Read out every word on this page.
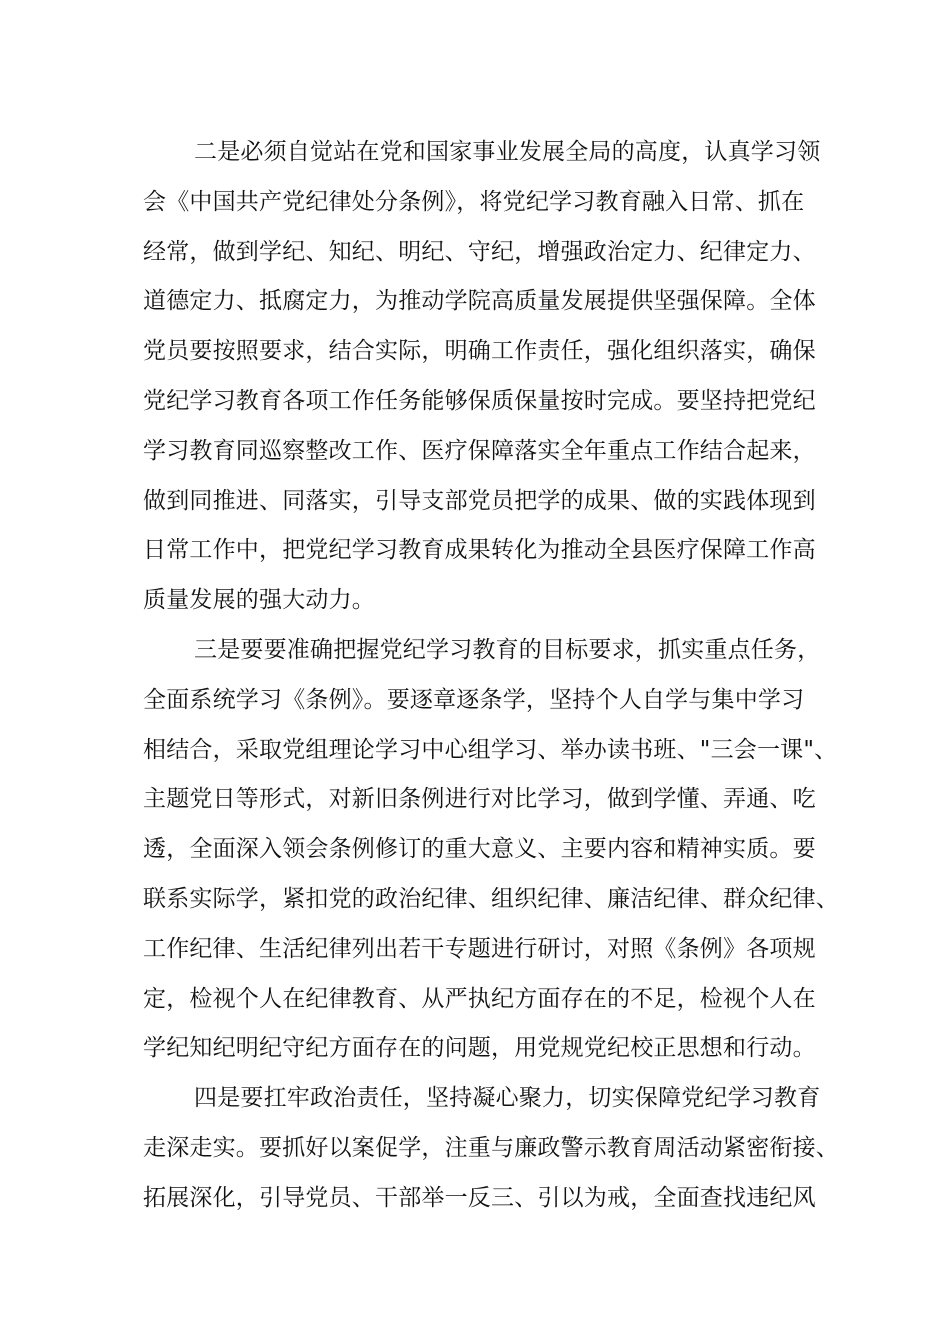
二是必须自觉站在党和国家事业发展全局的高度，认真学习领
会《中国共产党纪律处分条例》，将党纪学习教育融入日常、抓在
经常，做到学纪、知纪、明纪、守纪，增强政治定力、纪律定力、
道德定力、抵腐定力，为推动学院高质量发展提供坚强保障。全体
党员要按照要求，结合实际，明确工作责任，强化组织落实，确保
党纪学习教育各项工作任务能够保质保量按时完成。要坚持把党纪
学习教育同巡察整改工作、医疗保障落实全年重点工作结合起来，
做到同推进、同落实，引导支部党员把学的成果、做的实践体现到
日常工作中，把党纪学习教育成果转化为推动全县医疗保障工作高
质量发展的强大动力。
三是要要准确把握党纪学习教育的目标要求，抓实重点任务，
全面系统学习《条例》。要逐章逐条学，坚持个人自学与集中学习
相结合，采取党组理论学习中心组学习、举办读书班、"三会一课"、
主题党日等形式，对新旧条例进行对比学习，做到学懂、弄通、吃
透，全面深入领会条例修订的重大意义、主要内容和精神实质。要
联系实际学，紧扣党的政治纪律、组织纪律、廉洁纪律、群众纪律、
工作纪律、生活纪律列出若干专题进行研讨，对照《条例》各项规
定，检视个人在纪律教育、从严执纪方面存在的不足，检视个人在
学纪知纪明纪守纪方面存在的问题，用党规党纪校正思想和行动。
四是要扛牢政治责任，坚持凝心聚力，切实保障党纪学习教育
走深走实。要抓好以案促学，注重与廉政警示教育周活动紧密衔接、
拓展深化，引导党员、干部举一反三、引以为戒，全面查找违纪风
